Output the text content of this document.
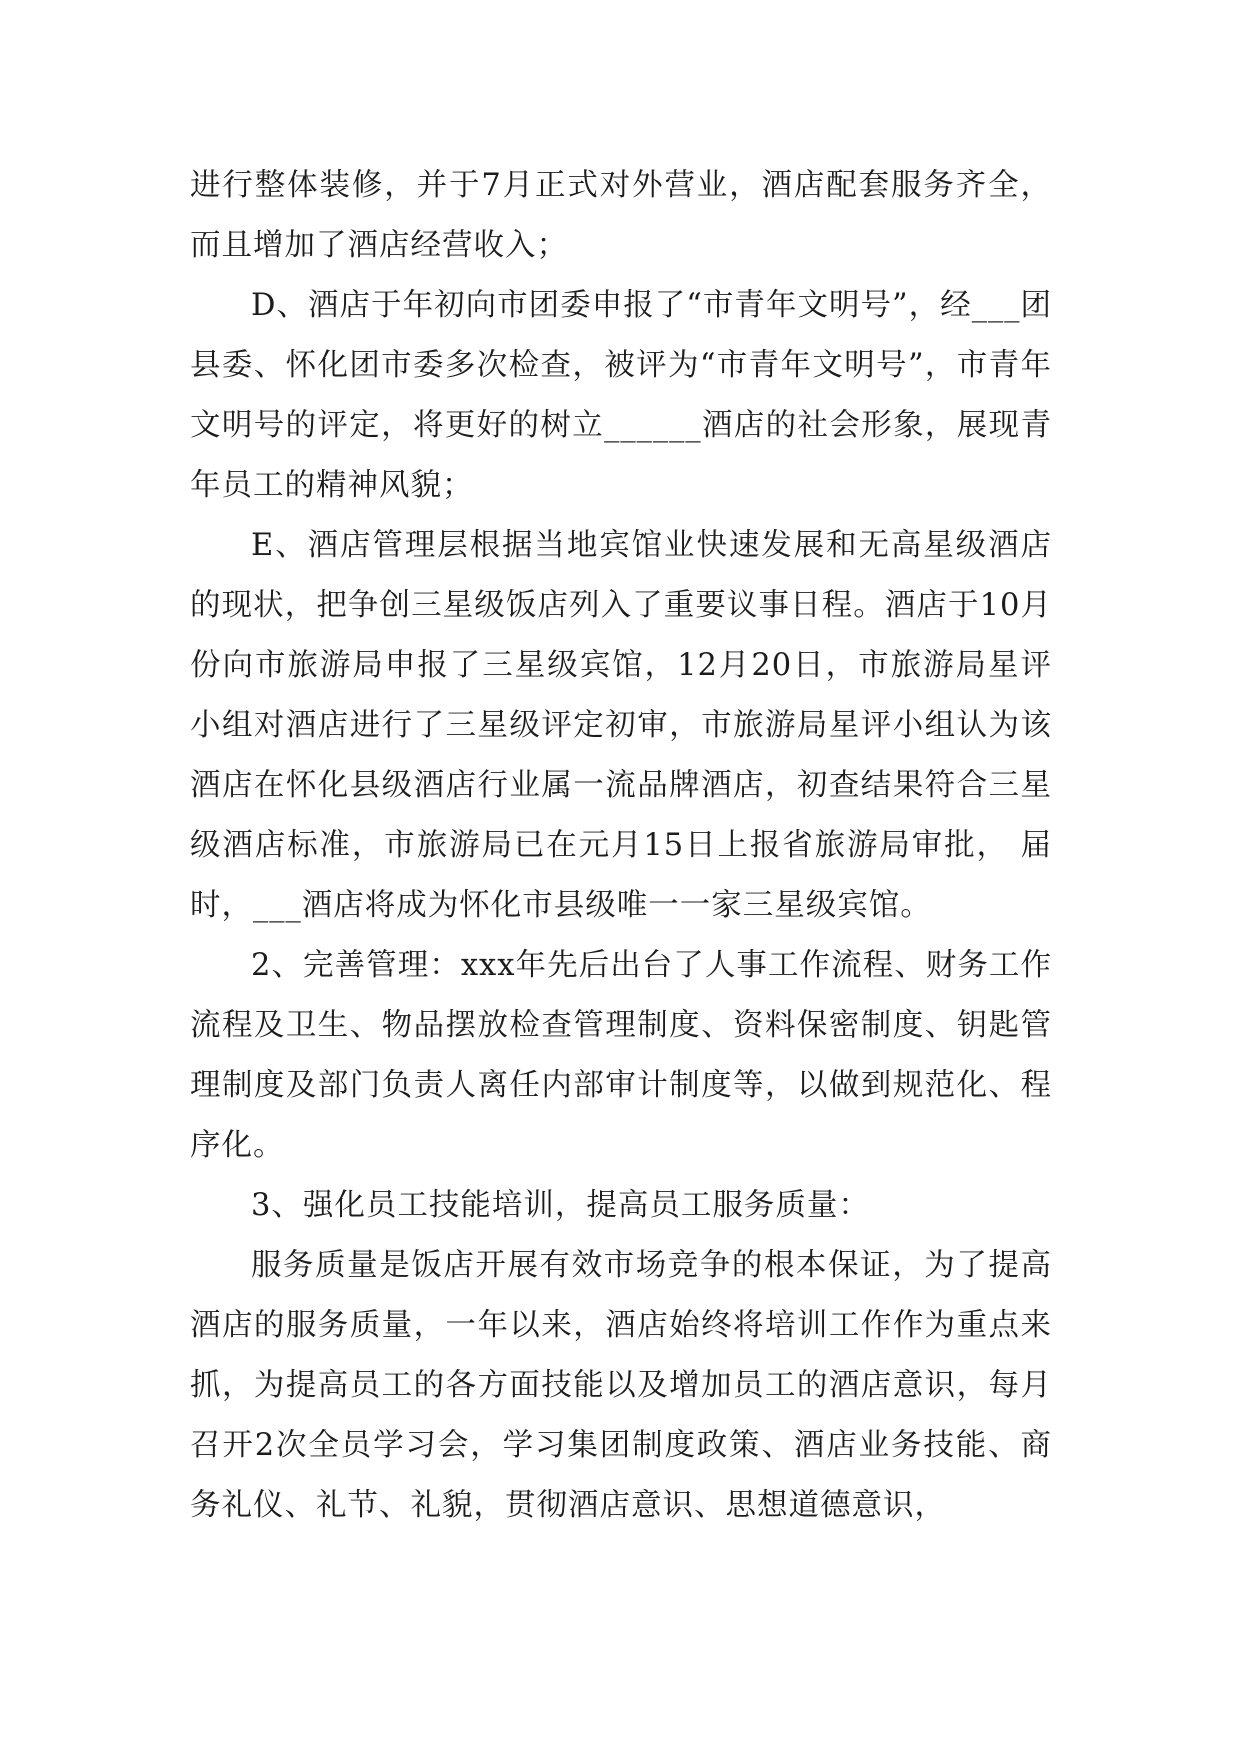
进行整体装修，并于7月正式对外营业，酒店配套服务齐全，而且增加了酒店经营收入；

D、酒店于年初向市团委申报了“市青年文明号”，经___团县委、怀化团市委多次检查，被评为“市青年文明号”，市青年文明号的评定，将更好的树立______酒店的社会形象，展现青年员工的精神风貌；

E、酒店管理层根据当地宾馆业快速发展和无高星级酒店的现状，把争创三星级饭店列入了重要议事日程。酒店于10月份向市旅游局申报了三星级宾馆，12月20日，市旅游局星评小组对酒店进行了三星级评定初审，市旅游局星评小组认为该酒店在怀化县级酒店行业属一流品牌酒店，初查结果符合三星级酒店标准，市旅游局已在元月15日上报省旅游局审批， 届时，___酒店将成为怀化市县级唯一一家三星级宾馆。

2、完善管理：xxx年先后出台了人事工作流程、财务工作流程及卫生、物品摆放检查管理制度、资料保密制度、钥匙管理制度及部门负责人离任内部审计制度等，以做到规范化、程序化。

3、强化员工技能培训，提高员工服务质量：

服务质量是饭店开展有效市场竞争的根本保证，为了提高酒店的服务质量，一年以来，酒店始终将培训工作作为重点来抓，为提高员工的各方面技能以及增加员工的酒店意识，每月召开2次全员学习会，学习集团制度政策、酒店业务技能、商务礼仪、礼节、礼貌，贯彻酒店意识、思想道德意识，
